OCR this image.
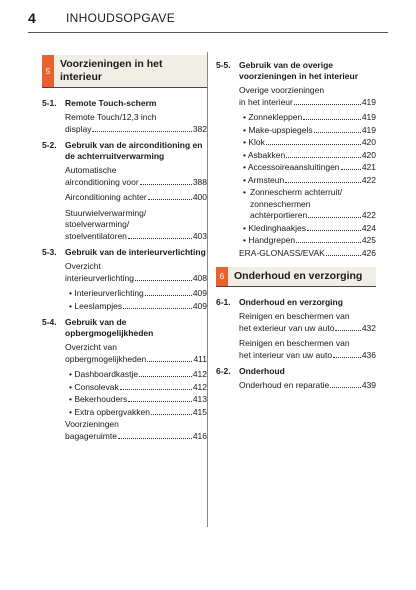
4	INHOUDSOPGAVE
5
Voorzieningen in het interieur
5-1. Remote Touch-scherm
Remote Touch/12,3 inch
display	382
5-2. Gebruik van de airconditioning en de achterruitverwarming
Automatische
airconditioning voor	388
Airconditioning achter	400
Stuurwielverwarming/
stoelverwarming/
stoelventilatoren	403
5-3. Gebruik van de interieurverlichting
Overzicht
interieurverlichting	408
• Interieurverlichting	409
• Leeslampjes	409
5-4. Gebruik van de opbergmogelijkheden
Overzicht van
opbergmogelijkheden	411
• Dashboardkastje	412
• Consolevak	412
• Bekerhouders	413
• Extra opbergvakken	415
Voorzieningen
bagageruimte	416
5-5. Gebruik van de overige voorzieningen in het interieur
Overige voorzieningen
in het interieur	419
• Zonnekleppen	419
• Make-upspiegels	419
• Klok	420
• Asbakken	420
• Accessoireaansluitingen	421
• Armsteun	422
• Zonnescherm achterruit/
zonneschermen
achterportieren	422
• Kledinghaakjes	424
• Handgrepen	425
ERA-GLONASS/EVAK	426
6 Onderhoud en verzorging
6-1. Onderhoud en verzorging
Reinigen en beschermen van
het exterieur van uw auto	432
Reinigen en beschermen van
het interieur van uw auto	436
6-2. Onderhoud
Onderhoud en reparatie	439
